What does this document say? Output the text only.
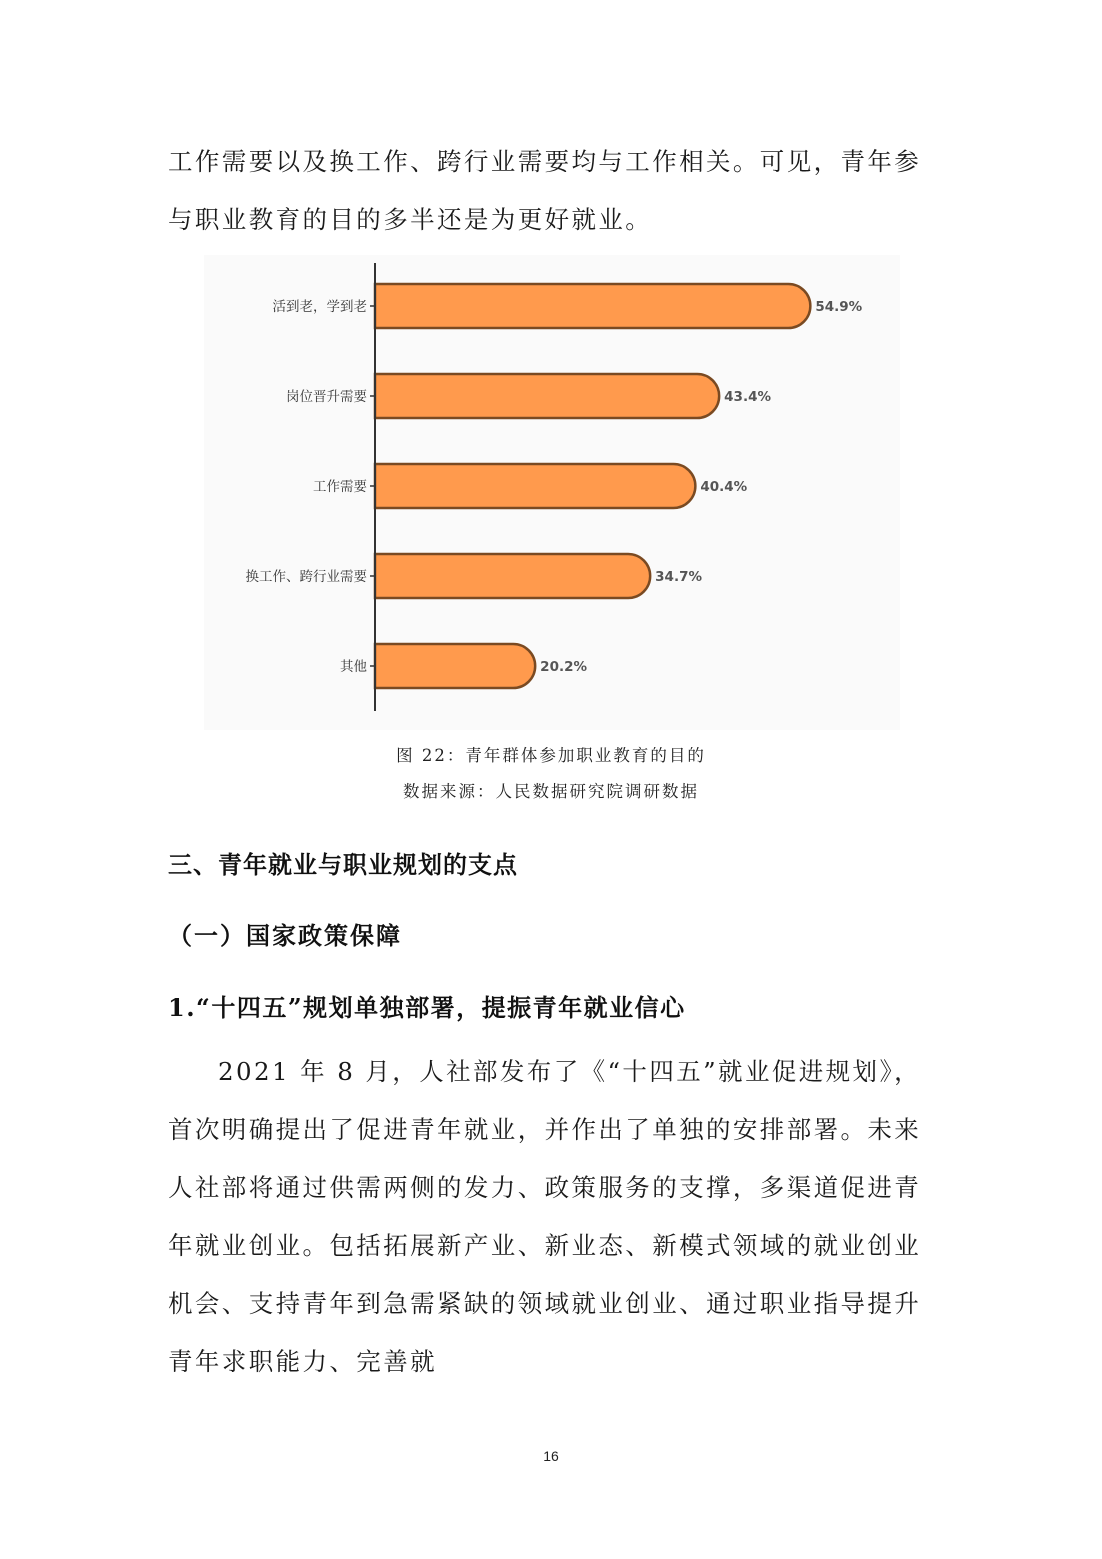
工作需要以及换工作、跨行业需要均与工作相关。可见，青年参与职业教育的目的多半还是为更好就业。
活到老，学到老	54.9%
岗位晋升需要	43.4%
工作需要	40.4%
换工作、跨行业需要	34.7%
其他	20.2%
图 22：青年群体参加职业教育的目的
数据来源：人民数据研究院调研数据
三、青年就业与职业规划的支点
（一）国家政策保障
1.“十四五”规划单独部署，提振青年就业信心
2021 年 8 月，人社部发布了《“十四五”就业促进规划》，首次明确提出了促进青年就业，并作出了单独的安排部署。未来人社部将通过供需两侧的发力、政策服务的支撑，多渠道促进青年就业创业。包括拓展新产业、新业态、新模式领域的就业创业机会、支持青年到急需紧缺的领域就业创业、通过职业指导提升青年求职能力、完善就
16
